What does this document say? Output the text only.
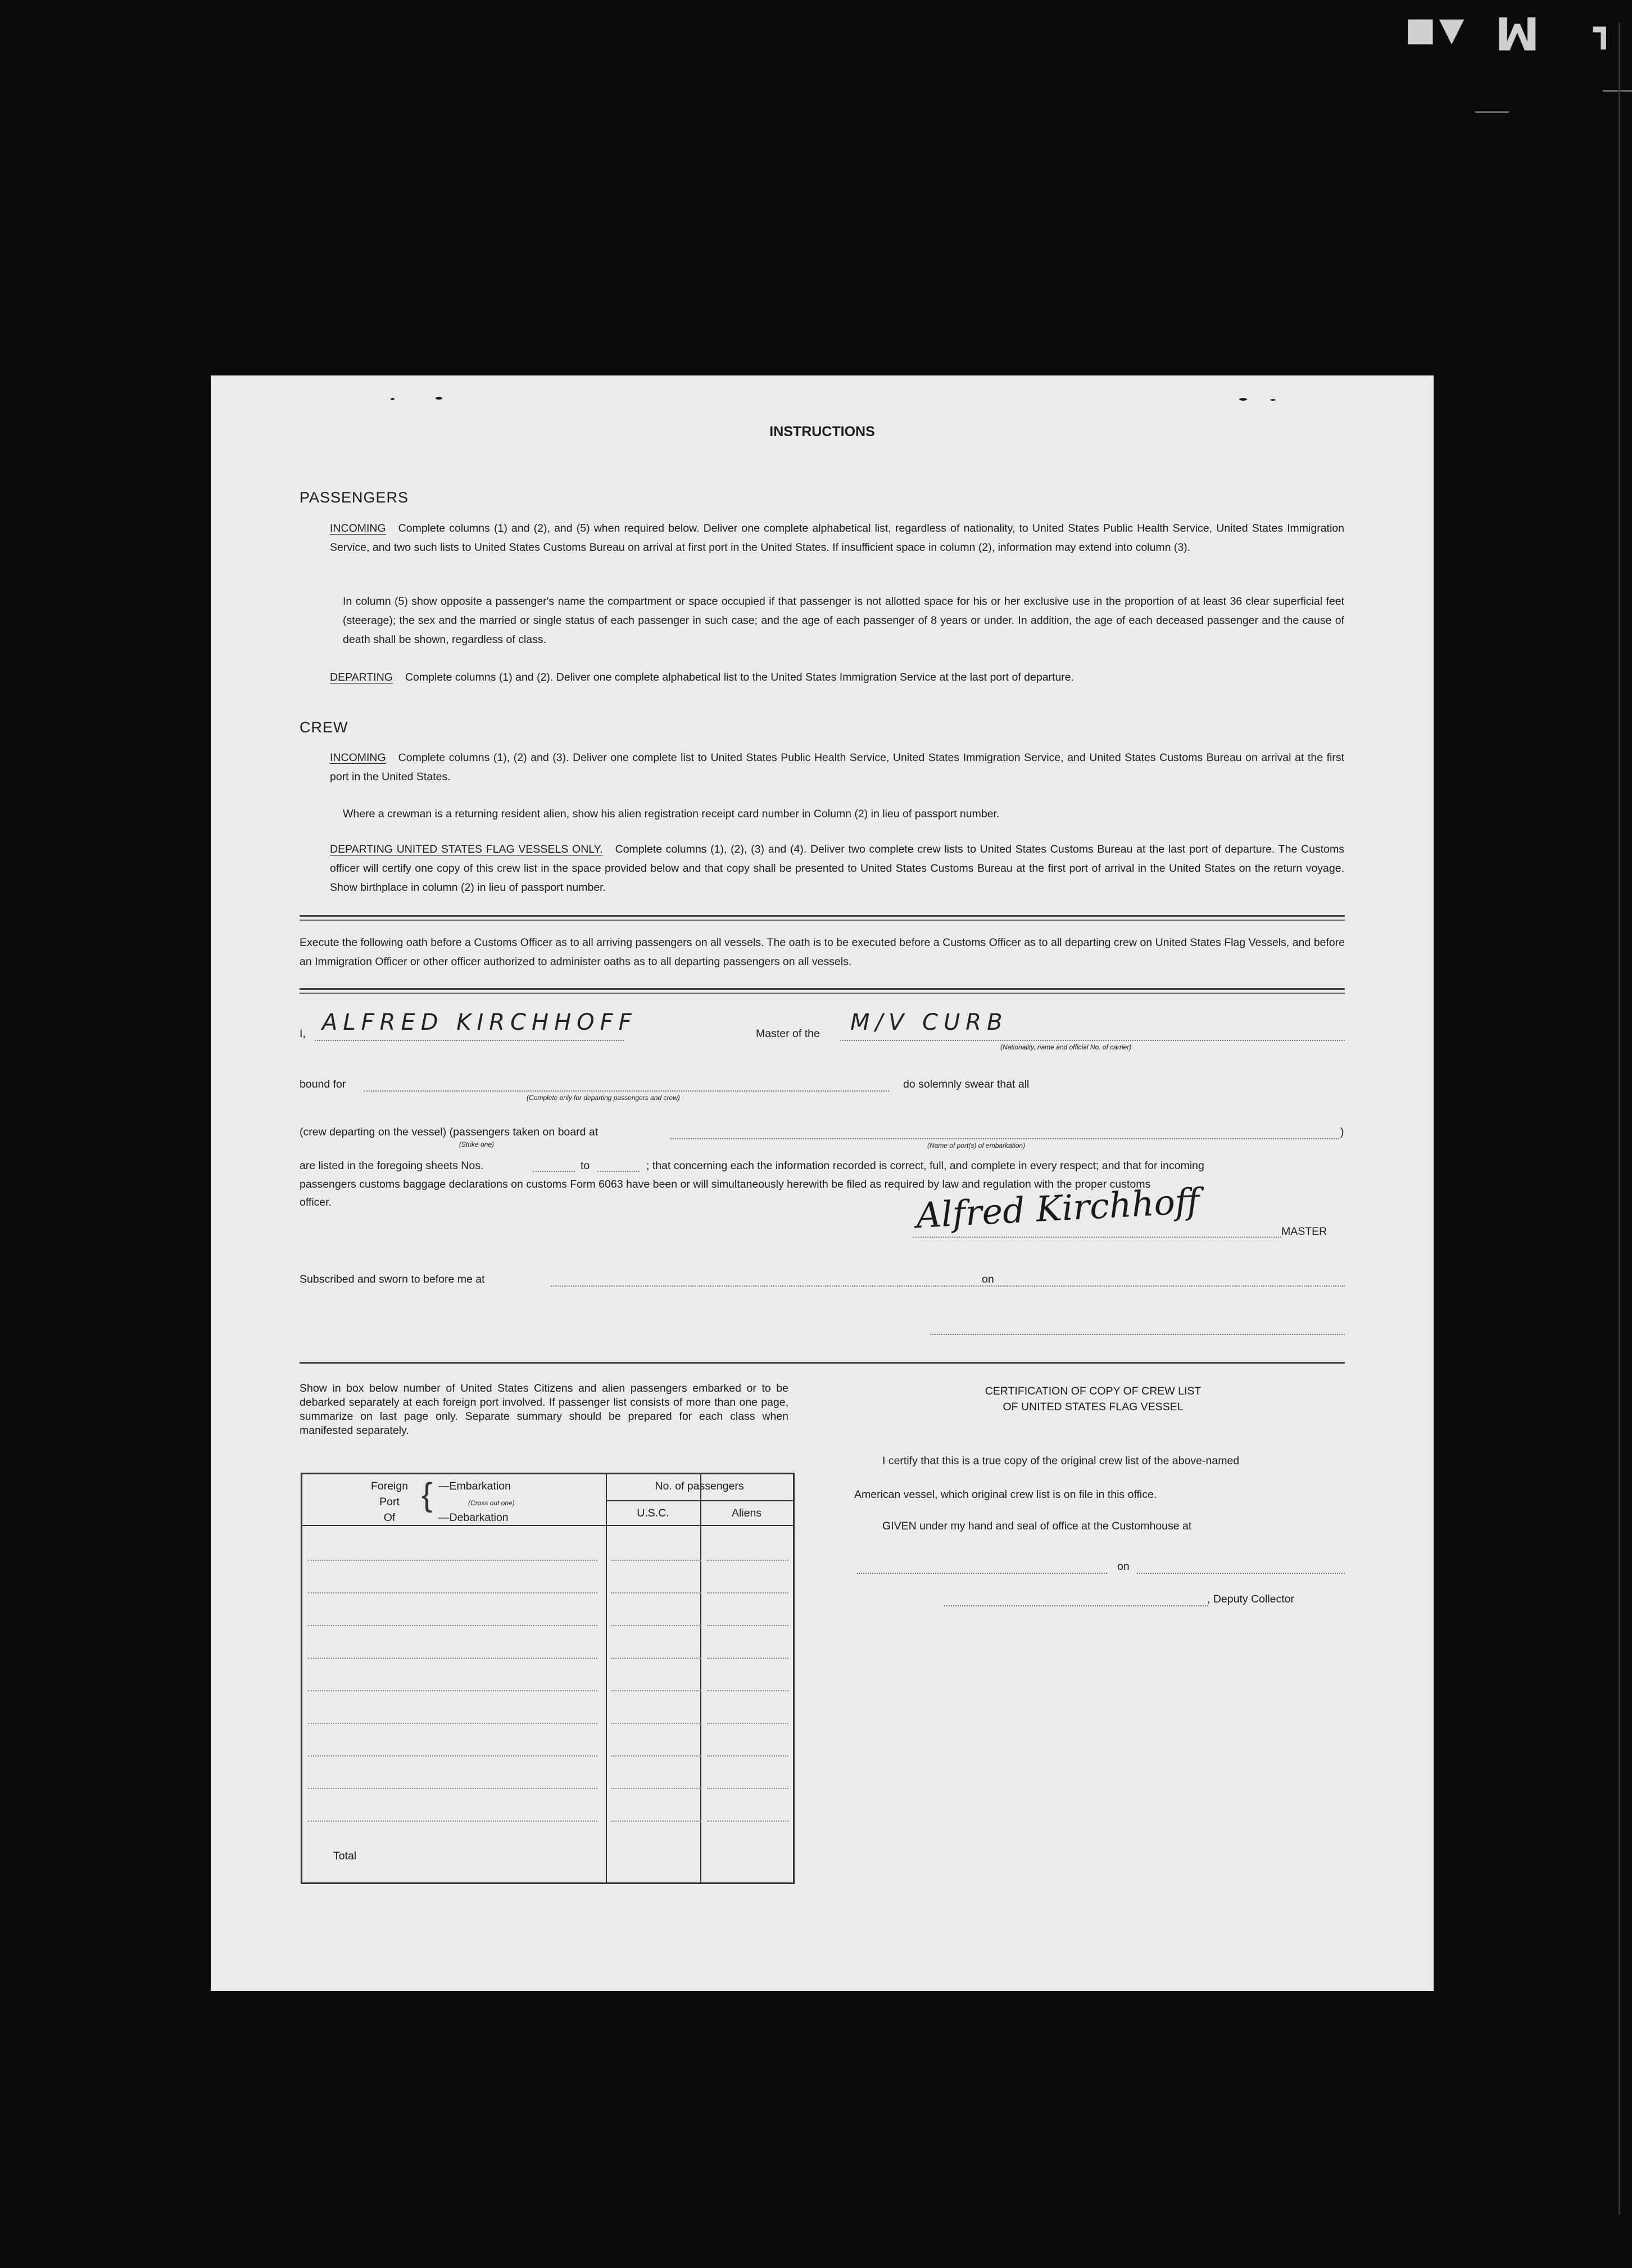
■▼ M ┓
INSTRUCTIONS
PASSENGERS
INCOMING Complete columns (1) and (2), and (5) when required below. Deliver one complete alphabetical list, regardless of nationality, to United States Public Health Service, United States Immigration Service, and two such lists to United States Customs Bureau on arrival at first port in the United States. If insufficient space in column (2), information may extend into column (3).
In column (5) show opposite a passenger's name the compartment or space occupied if that passenger is not allotted space for his or her exclusive use in the proportion of at least 36 clear superficial feet (steerage); the sex and the married or single status of each passenger in such case; and the age of each passenger of 8 years or under. In addition, the age of each deceased passenger and the cause of death shall be shown, regardless of class.
DEPARTING Complete columns (1) and (2). Deliver one complete alphabetical list to the United States Immigration Service at the last port of departure.
CREW
INCOMING Complete columns (1), (2) and (3). Deliver one complete list to United States Public Health Service, United States Immigration Service, and United States Customs Bureau on arrival at the first port in the United States.
Where a crewman is a returning resident alien, show his alien registration receipt card number in Column (2) in lieu of passport number.
DEPARTING UNITED STATES FLAG VESSELS ONLY. Complete columns (1), (2), (3) and (4). Deliver two complete crew lists to United States Customs Bureau at the last port of departure. The Customs officer will certify one copy of this crew list in the space provided below and that copy shall be presented to United States Customs Bureau at the first port of arrival in the United States on the return voyage. Show birthplace in column (2) in lieu of passport number.
Execute the following oath before a Customs Officer as to all arriving passengers on all vessels. The oath is to be executed before a Customs Officer as to all departing crew on United States Flag Vessels, and before an Immigration Officer or other officer authorized to administer oaths as to all departing passengers on all vessels.
I, ALFRED KIRCHHOFF	Master of the M/V CURB
(Nationality, name and official No. of carrier)
bound for
(Complete only for departing passengers and crew)
do solemnly swear that all
(crew departing on the vessel) (passengers taken on board at	)
(Strike one)	(Name of port(s) of embarkation)
are listed in the foregoing sheets Nos.	to	; that concerning each the information recorded is correct, full, and complete in every respect; and that for incoming
passengers customs baggage declarations on customs Form 6063 have been or will simultaneously herewith be filed as required by law and regulation with the proper customs
officer.	Alfred Kirchhoff	MASTER
Subscribed and sworn to before me at	on
Show in box below number of United States Citizens and alien passengers embarked or to be debarked separately at each foreign port involved. If passenger list consists of more than one page, summarize on last page only. Separate summary should be prepared for each class when manifested separately.
Foreign
Port
Of
{ —Embarkation
(Cross out one)
—Debarkation
No. of passengers
U.S.C.	Aliens
Total
CERTIFICATION OF COPY OF CREW LIST
OF UNITED STATES FLAG VESSEL
I certify that this is a true copy of the original crew list of the above-named
American vessel, which original crew list is on file in this office.
GIVEN under my hand and seal of office at the Customhouse at
on
, Deputy Collector
